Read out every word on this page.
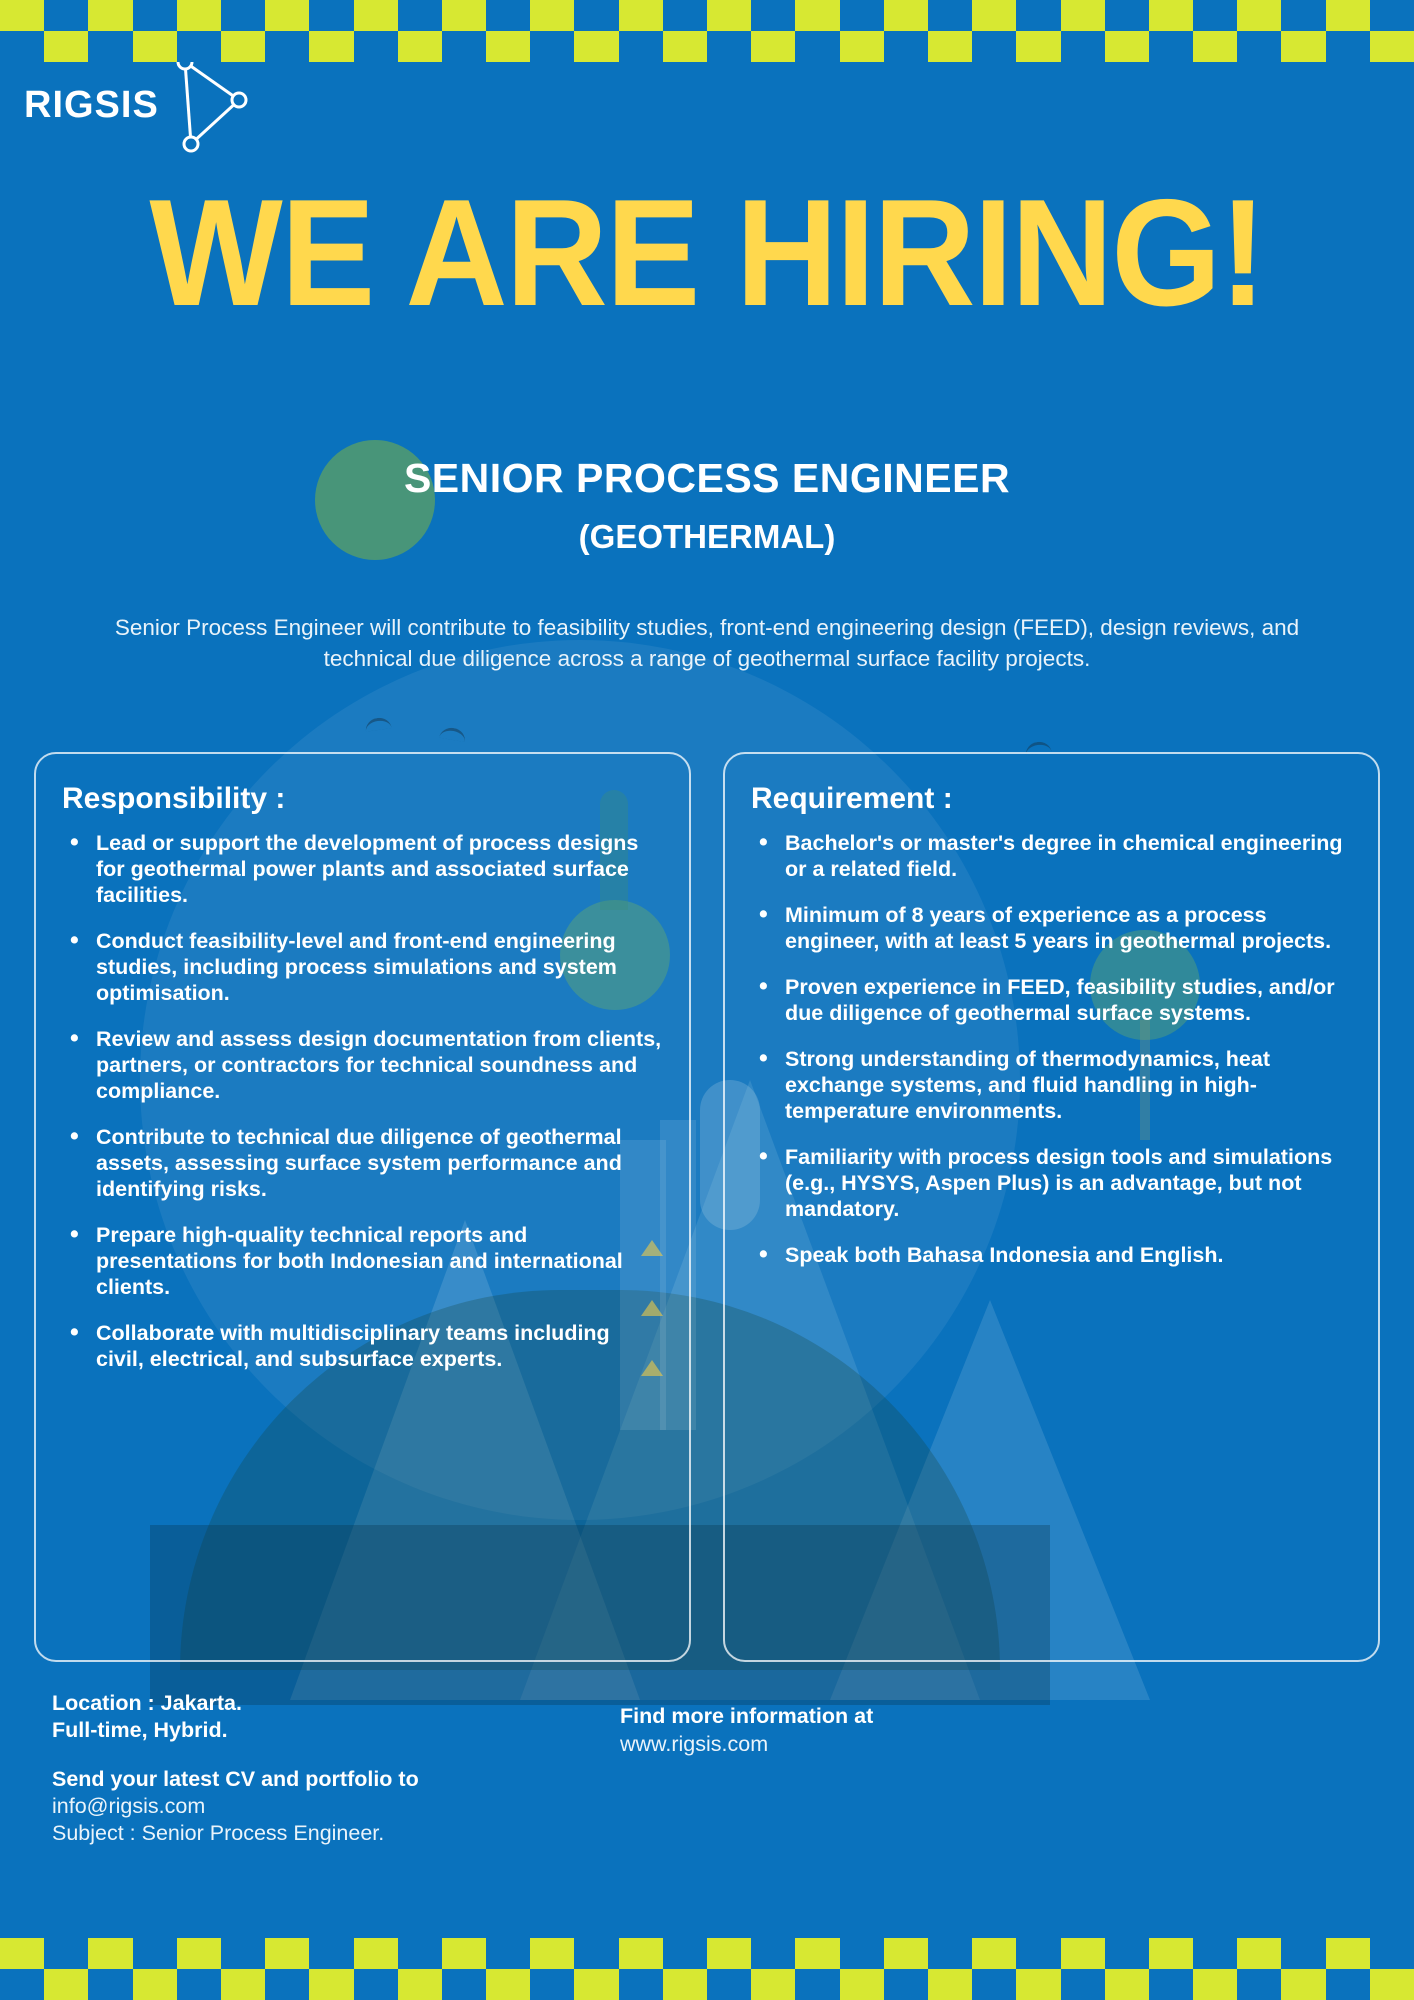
RIGSIS
WE ARE HIRING!
SENIOR PROCESS ENGINEER
(GEOTHERMAL)
Senior Process Engineer will contribute to feasibility studies, front-end engineering design (FEED), design reviews, and technical due diligence across a range of geothermal surface facility projects.
Responsibility :
• Lead or support the development of process designs for geothermal power plants and associated surface facilities.
• Conduct feasibility-level and front-end engineering studies, including process simulations and system optimisation.
• Review and assess design documentation from clients, partners, or contractors for technical soundness and compliance.
• Contribute to technical due diligence of geothermal assets, assessing surface system performance and identifying risks.
• Prepare high-quality technical reports and presentations for both Indonesian and international clients.
• Collaborate with multidisciplinary teams including civil, electrical, and subsurface experts.
Requirement :
• Bachelor's or master's degree in chemical engineering or a related field.
• Minimum of 8 years of experience as a process engineer, with at least 5 years in geothermal projects.
• Proven experience in FEED, feasibility studies, and/or due diligence of geothermal surface systems.
• Strong understanding of thermodynamics, heat exchange systems, and fluid handling in high-temperature environments.
• Familiarity with process design tools and simulations (e.g., HYSYS, Aspen Plus) is an advantage, but not mandatory.
• Speak both Bahasa Indonesia and English.
Location : Jakarta.
Full-time, Hybrid.
Send your latest CV and portfolio to
info@rigsis.com
Subject : Senior Process Engineer.
Find more information at
www.rigsis.com
